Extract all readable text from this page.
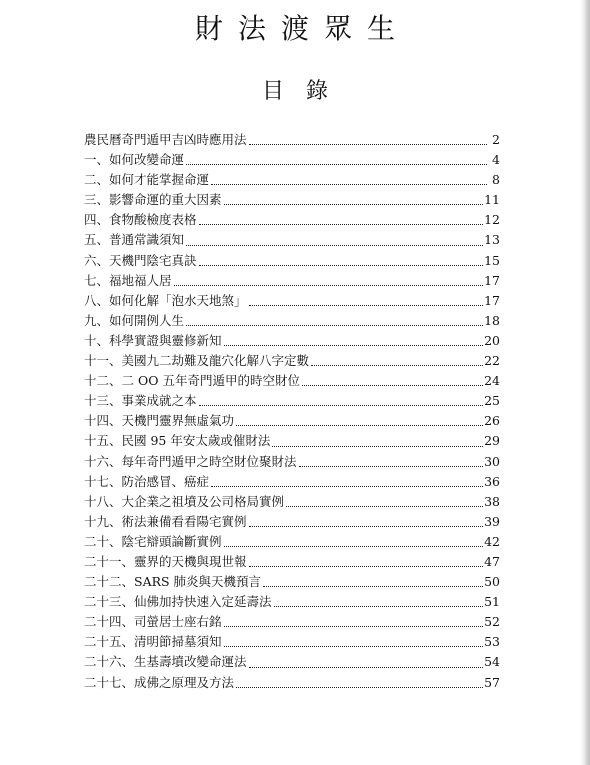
財法渡眾生
目錄
農民曆奇門遁甲吉凶時應用法	2
一、如何改變命運	4
二、如何才能掌握命運	8
三、影響命運的重大因素	11
四、食物酸檢度表格	12
五、普通常識須知	13
六、天機門陰宅真訣	15
七、福地福人居	17
八、如何化解「泡水天地煞」	17
九、如何開例人生	18
十、科學實證與靈修新知	20
十一、美國九二劫難及龍穴化解八字定數	22
十二、二 OO 五年奇門遁甲的時空財位	24
十三、事業成就之本	25
十四、天機門靈界無虛氣功	26
十五、民國 95 年安太歲或催財法	29
十六、每年奇門遁甲之時空財位聚財法	30
十七、防治感冒、癌症	36
十八、大企業之祖墳及公司格局實例	38
十九、術法兼備看看陽宅實例	39
二十、陰宅辯頭論斷實例	42
二十一、靈界的天機與現世報	47
二十二、SARS 肺炎與天機預言	50
二十三、仙佛加持快速入定延壽法	51
二十四、司螢居士座右銘	52
二十五、清明節掃墓須知	53
二十六、生基壽墳改變命運法	54
二十七、成佛之原理及方法	57
